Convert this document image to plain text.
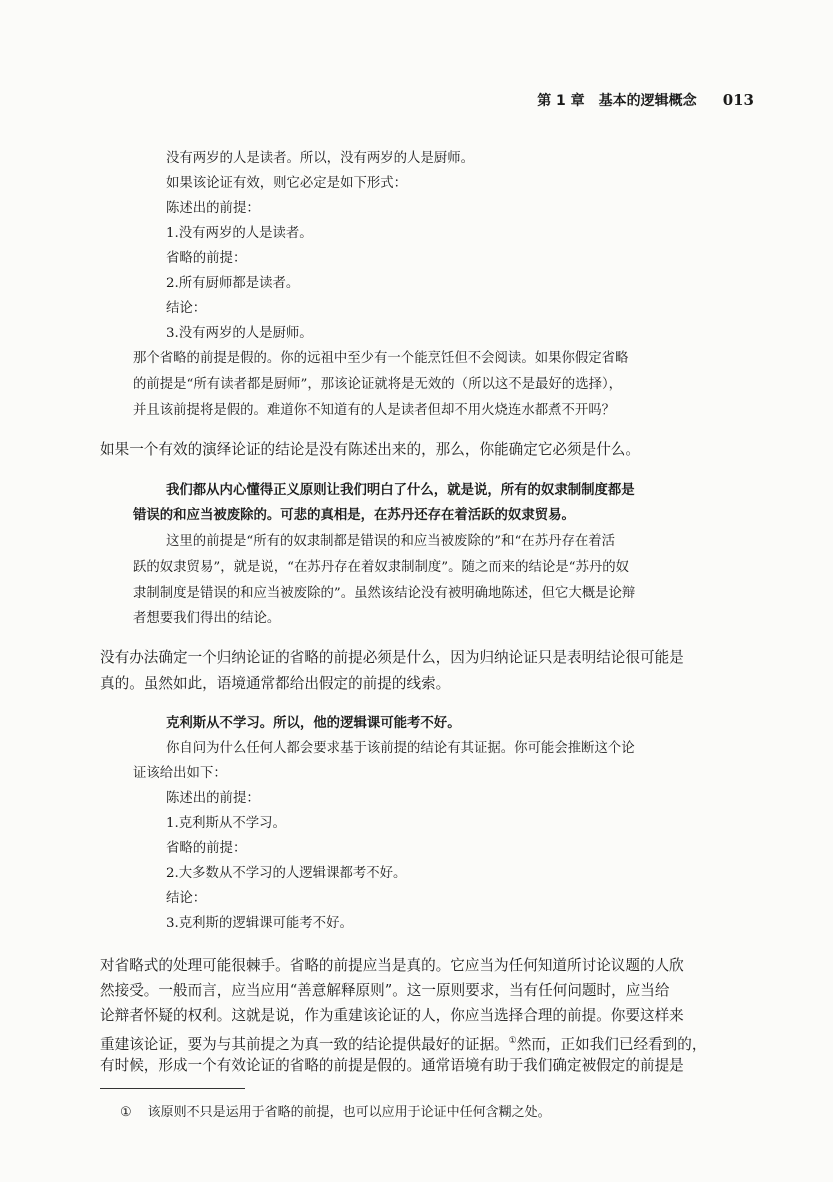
第 1 章　基本的逻辑概念 013
没有两岁的人是读者。所以，没有两岁的人是厨师。
如果该论证有效，则它必定是如下形式：
陈述出的前提：
1.没有两岁的人是读者。
省略的前提：
2.所有厨师都是读者。
结论：
3.没有两岁的人是厨师。
那个省略的前提是假的。你的远祖中至少有一个能烹饪但不会阅读。如果你假定省略
的前提是“所有读者都是厨师”，那该论证就将是无效的（所以这不是最好的选择），
并且该前提将是假的。难道你不知道有的人是读者但却不用火烧连水都煮不开吗？
如果一个有效的演绎论证的结论是没有陈述出来的，那么，你能确定它必须是什么。
我们都从内心懂得正义原则让我们明白了什么，就是说，所有的奴隶制制度都是
错误的和应当被废除的。可悲的真相是，在苏丹还存在着活跃的奴隶贸易。
这里的前提是“所有的奴隶制都是错误的和应当被废除的”和“在苏丹存在着活
跃的奴隶贸易”，就是说，“在苏丹存在着奴隶制制度”。随之而来的结论是“苏丹的奴
隶制制度是错误的和应当被废除的”。虽然该结论没有被明确地陈述，但它大概是论辩
者想要我们得出的结论。
没有办法确定一个归纳论证的省略的前提必须是什么，因为归纳论证只是表明结论很可能是
真的。虽然如此，语境通常都给出假定的前提的线索。
克利斯从不学习。所以，他的逻辑课可能考不好。
你自问为什么任何人都会要求基于该前提的结论有其证据。你可能会推断这个论
证该给出如下：
陈述出的前提：
1.克利斯从不学习。
省略的前提：
2.大多数从不学习的人逻辑课都考不好。
结论：
3.克利斯的逻辑课可能考不好。
对省略式的处理可能很棘手。省略的前提应当是真的。它应当为任何知道所讨论议题的人欣
然接受。一般而言，应当应用“善意解释原则”。这一原则要求，当有任何问题时，应当给
论辩者怀疑的权利。这就是说，作为重建该论证的人，你应当选择合理的前提。你要这样来
重建该论证，要为与其前提之为真一致的结论提供最好的证据。①然而，正如我们已经看到的，
有时候，形成一个有效论证的省略的前提是假的。通常语境有助于我们确定被假定的前提是
① 该原则不只是运用于省略的前提，也可以应用于论证中任何含糊之处。
